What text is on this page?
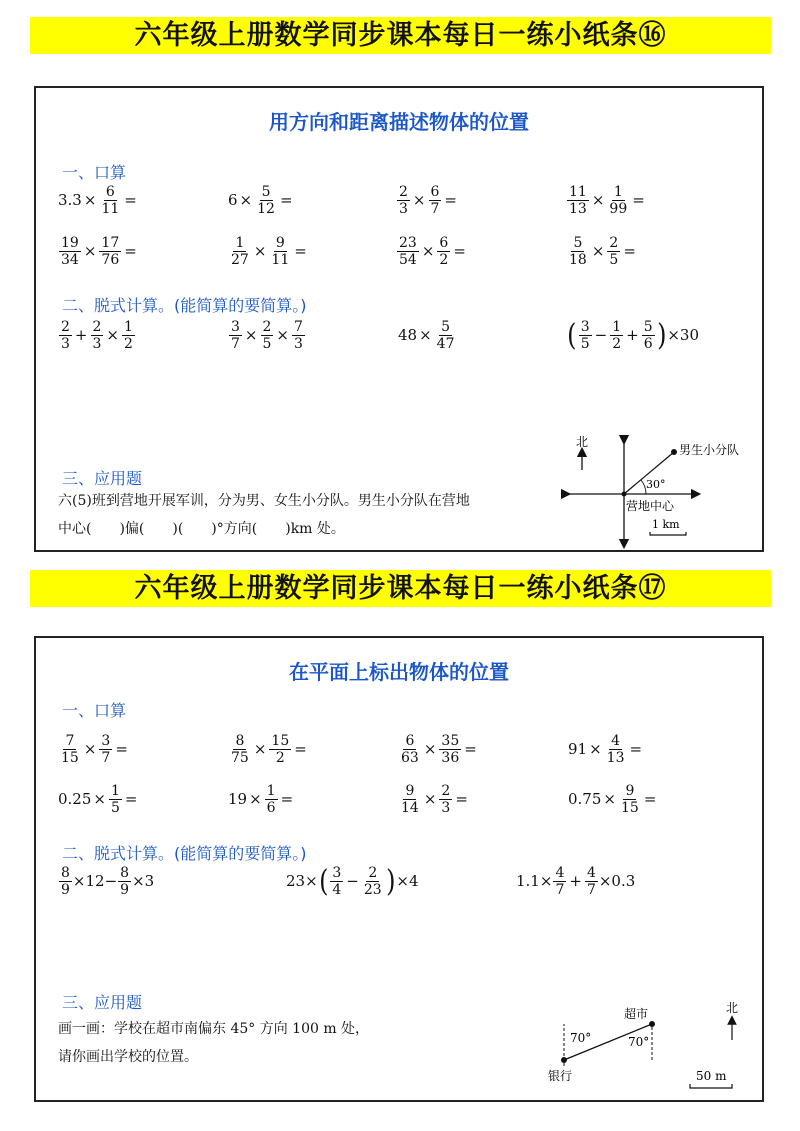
六年级上册数学同步课本每日一练小纸条⑯
用方向和距离描述物体的位置
一、口算
$3.3 \times \frac{6}{11}$ =	$6 \times \frac{5}{12}$ =	$\frac{2}{3} \times \frac{6}{7}$ =	$\frac{11}{13} \times \frac{1}{99}$ =
$\frac{19}{34} \times \frac{17}{76}$ =	$\frac{1}{27} \times \frac{9}{11}$ =	$\frac{23}{54} \times \frac{6}{2}$ =	$\frac{5}{18} \times \frac{2}{5}$ =
二、脱式计算。(能简算的要简算。)
$\frac{2}{3} + \frac{2}{3} \times \frac{1}{2}$	$\frac{3}{7} \times \frac{2}{5} \times \frac{7}{3}$	$48 \times \frac{5}{47}$	( $\frac{3}{5} - \frac{1}{2} + \frac{5}{6}$ ) ×30
三、应用题
六(5)班到营地开展军训，分为男、女生小分队。男生小分队在营地
中心(　　)偏(　　)(　　)°方向(　　)km 处。
北
30°
男生小分队
营地中心
1 km
六年级上册数学同步课本每日一练小纸条⑰
在平面上标出物体的位置
一、口算
$\frac{7}{15} \times \frac{3}{7}$ =	$\frac{8}{75} \times \frac{15}{2}$ =	$\frac{6}{63} \times \frac{35}{36}$ =	$91 \times \frac{4}{13}$ =
$0.25 \times \frac{1}{5}$ =	$19 \times \frac{1}{6}$ =	$\frac{9}{14} \times \frac{2}{3}$ =	$0.75 \times \frac{9}{15}$ =
二、脱式计算。(能简算的要简算。)
$\frac{8}{9} \times 12- \frac{8}{9} \times 3$	23× ( $\frac{3}{4} - \frac{2}{23}$ ) ×4	$1.1\times \frac{4}{7} + \frac{4}{7} \times 0.3$
三、应用题
画一画：学校在超市南偏东 45° 方向 100 m 处，
请你画出学校的位置。
70°	70°
超市
银行
北
50 m
